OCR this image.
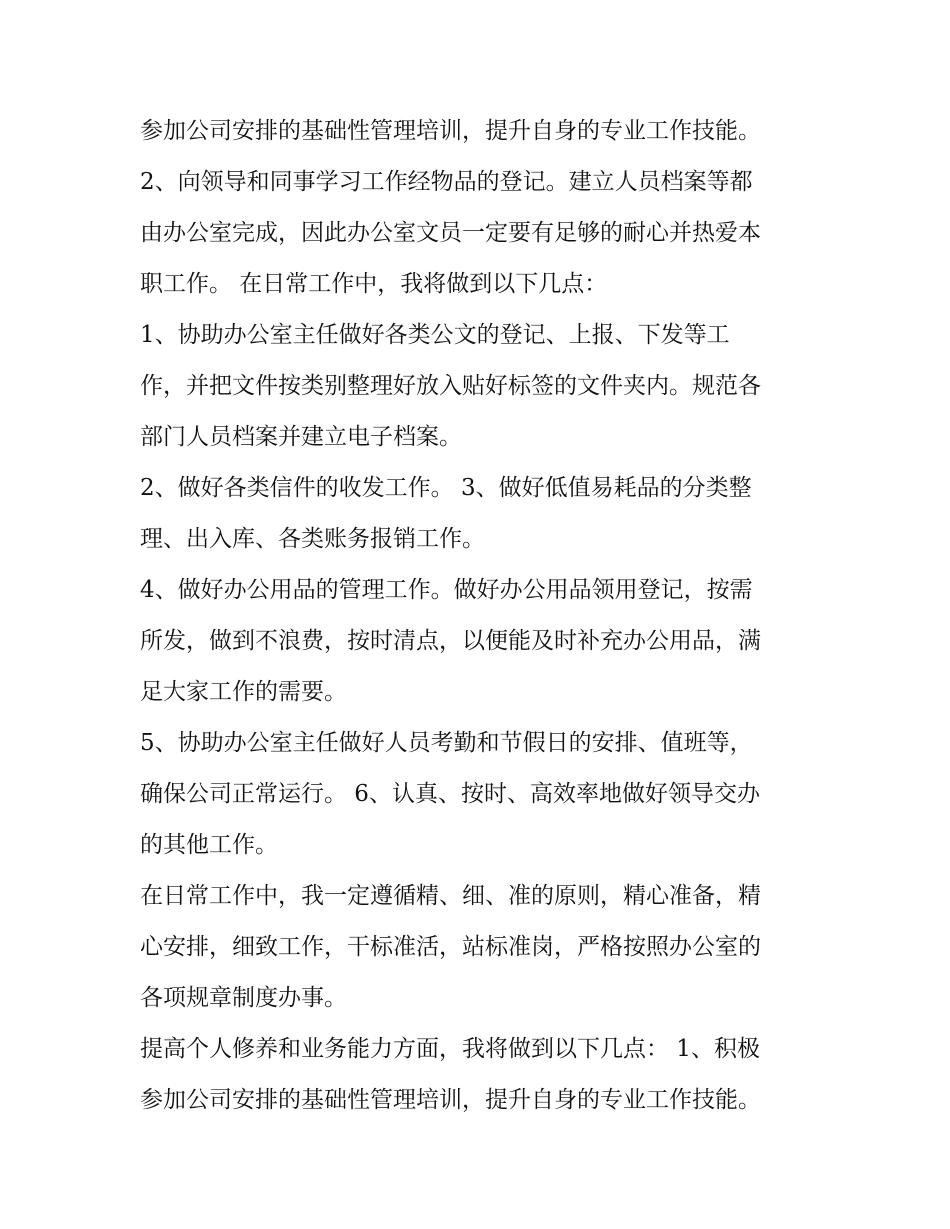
参加公司安排的基础性管理培训，提升自身的专业工作技能。
2、向领导和同事学习工作经物品的登记。建立人员档案等都
由办公室完成，因此办公室文员一定要有足够的耐心并热爱本
职工作。 在日常工作中，我将做到以下几点：
1、协助办公室主任做好各类公文的登记、上报、下发等工
作，并把文件按类别整理好放入贴好标签的文件夹内。规范各
部门人员档案并建立电子档案。
2、做好各类信件的收发工作。 3、做好低值易耗品的分类整
理、出入库、各类账务报销工作。
4、做好办公用品的管理工作。做好办公用品领用登记，按需
所发，做到不浪费，按时清点，以便能及时补充办公用品，满
足大家工作的需要。
5、协助办公室主任做好人员考勤和节假日的安排、值班等，
确保公司正常运行。 6、认真、按时、高效率地做好领导交办
的其他工作。
在日常工作中，我一定遵循精、细、准的原则，精心准备，精
心安排，细致工作，干标准活，站标准岗，严格按照办公室的
各项规章制度办事。
提高个人修养和业务能力方面，我将做到以下几点： 1、积极
参加公司安排的基础性管理培训，提升自身的专业工作技能。
